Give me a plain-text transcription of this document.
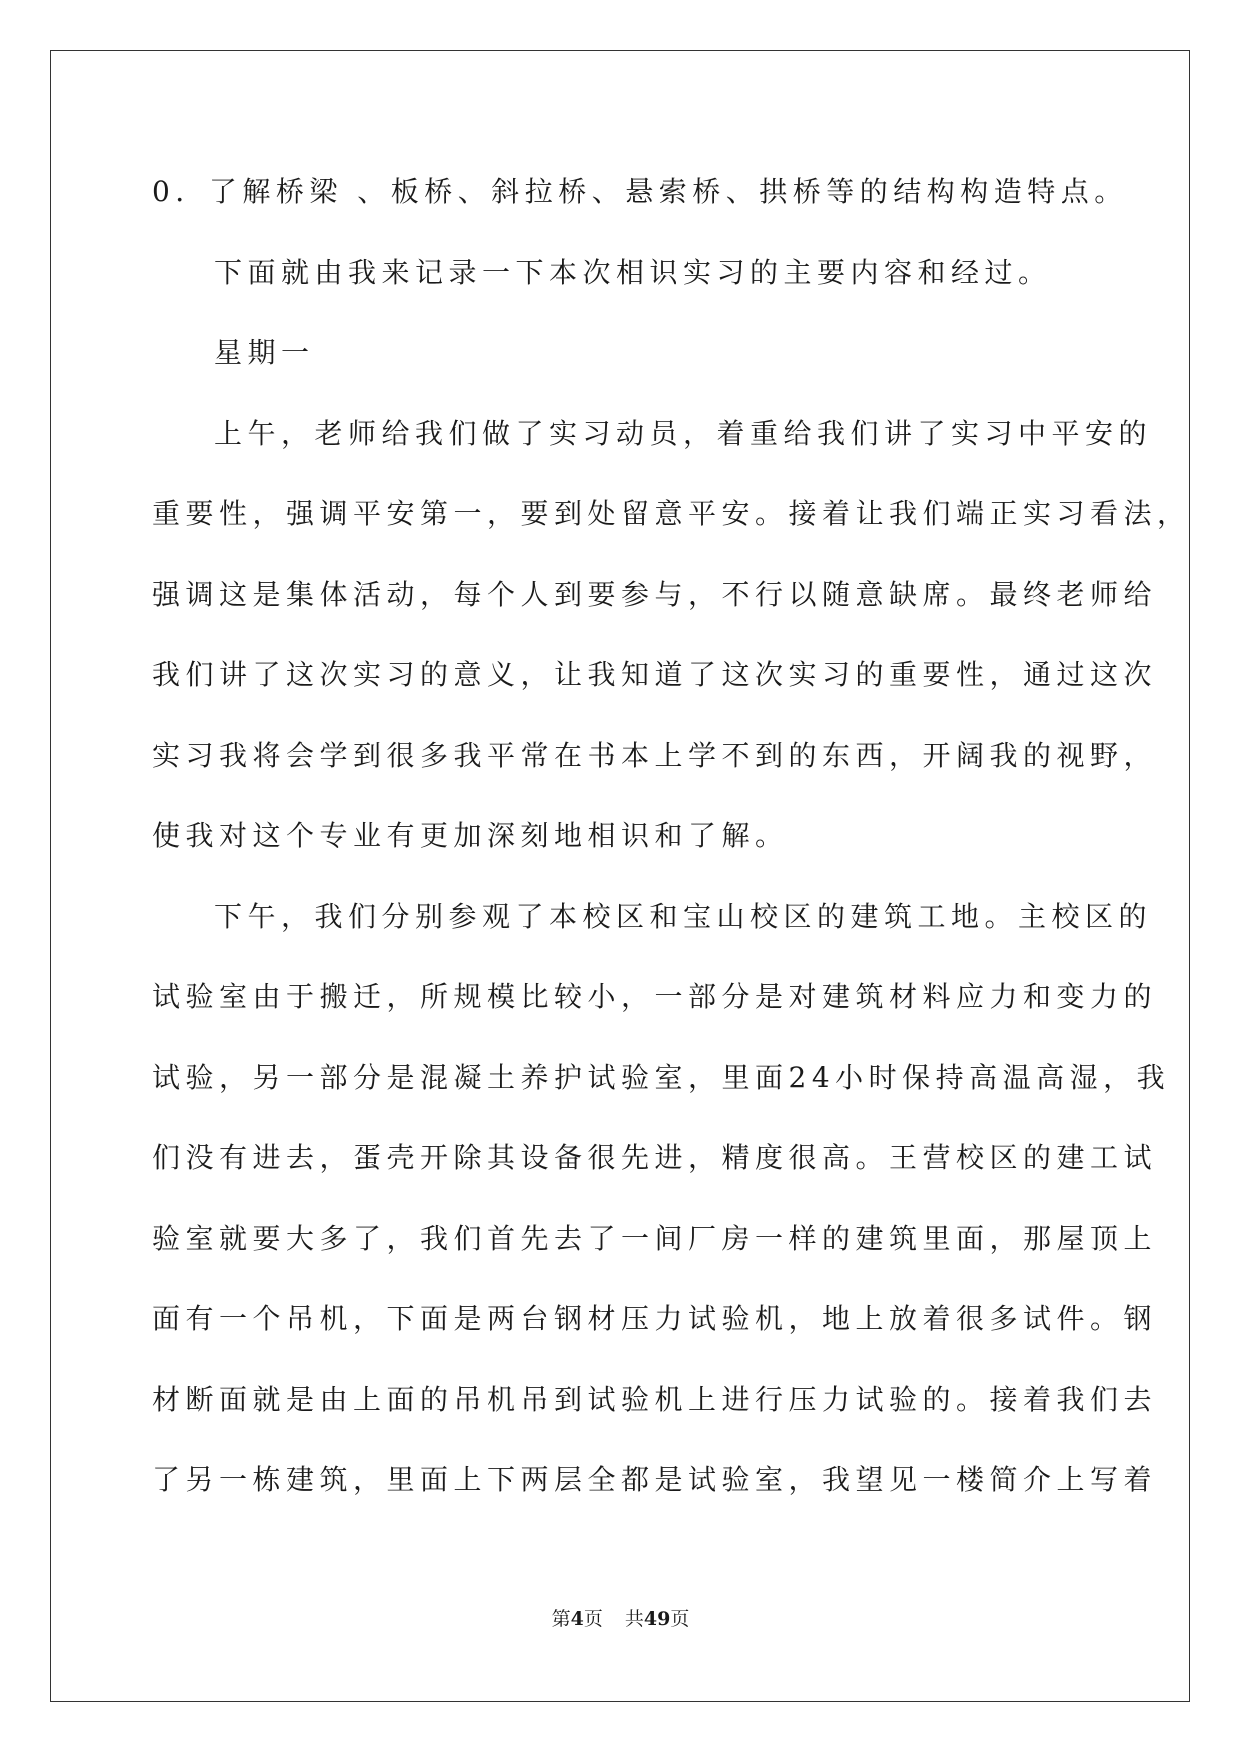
0．了解桥梁 、板桥、斜拉桥、悬索桥、拱桥等的结构构造特点。
下面就由我来记录一下本次相识实习的主要内容和经过。
星期一
上午，老师给我们做了实习动员，着重给我们讲了实习中平安的
重要性，强调平安第一，要到处留意平安。接着让我们端正实习看法，
强调这是集体活动，每个人到要参与，不行以随意缺席。最终老师给
我们讲了这次实习的意义，让我知道了这次实习的重要性，通过这次
实习我将会学到很多我平常在书本上学不到的东西，开阔我的视野，
使我对这个专业有更加深刻地相识和了解。
下午，我们分别参观了本校区和宝山校区的建筑工地。主校区的
试验室由于搬迁，所规模比较小，一部分是对建筑材料应力和变力的
试验，另一部分是混凝土养护试验室，里面24小时保持高温高湿，我
们没有进去，蛋壳开除其设备很先进，精度很高。王营校区的建工试
验室就要大多了，我们首先去了一间厂房一样的建筑里面，那屋顶上
面有一个吊机，下面是两台钢材压力试验机，地上放着很多试件。钢
材断面就是由上面的吊机吊到试验机上进行压力试验的。接着我们去
了另一栋建筑，里面上下两层全都是试验室，我望见一楼简介上写着
第4页 共49页
